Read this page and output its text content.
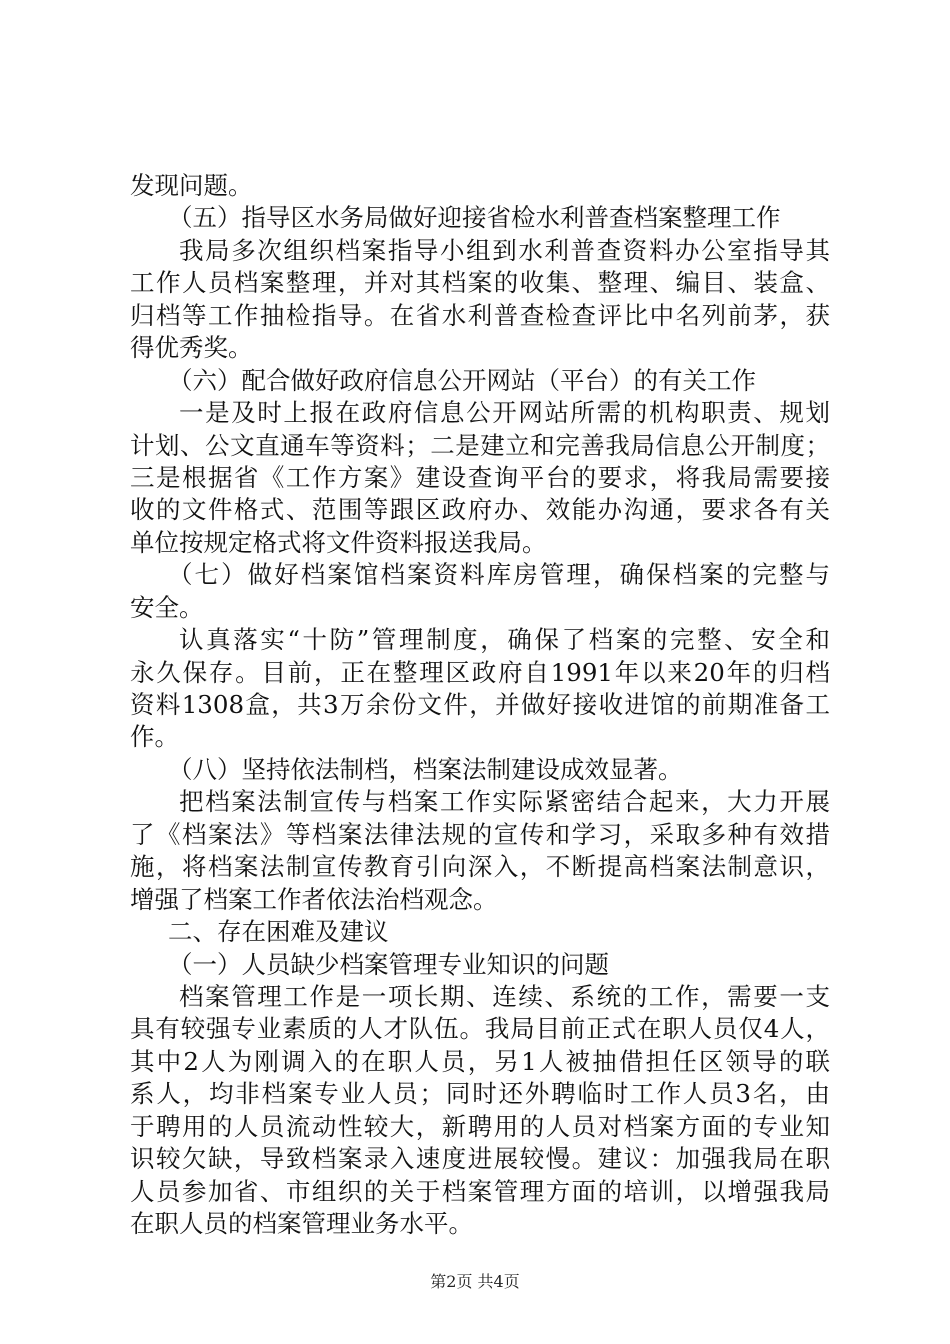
发现问题。
（五）指导区水务局做好迎接省检水利普查档案整理工作
我局多次组织档案指导小组到水利普查资料办公室指导其
工作人员档案整理，并对其档案的收集、整理、编目、装盒、
归档等工作抽检指导。在省水利普查检查评比中名列前茅，获
得优秀奖。
（六）配合做好政府信息公开网站（平台）的有关工作
一是及时上报在政府信息公开网站所需的机构职责、规划
计划、公文直通车等资料；二是建立和完善我局信息公开制度；
三是根据省《工作方案》建设查询平台的要求，将我局需要接
收的文件格式、范围等跟区政府办、效能办沟通，要求各有关
单位按规定格式将文件资料报送我局。
（七）做好档案馆档案资料库房管理，确保档案的完整与
安全。
认真落实“十防”管理制度，确保了档案的完整、安全和
永久保存。目前，正在整理区政府自1991年以来20年的归档
资料1308盒，共3万余份文件，并做好接收进馆的前期准备工
作。
（八）坚持依法制档，档案法制建设成效显著。
把档案法制宣传与档案工作实际紧密结合起来，大力开展
了《档案法》等档案法律法规的宣传和学习，采取多种有效措
施，将档案法制宣传教育引向深入，不断提高档案法制意识，
增强了档案工作者依法治档观念。
二、存在困难及建议
（一）人员缺少档案管理专业知识的问题
档案管理工作是一项长期、连续、系统的工作，需要一支
具有较强专业素质的人才队伍。我局目前正式在职人员仅4人，
其中2人为刚调入的在职人员，另1人被抽借担任区领导的联
系人，均非档案专业人员；同时还外聘临时工作人员3名，由
于聘用的人员流动性较大，新聘用的人员对档案方面的专业知
识较欠缺，导致档案录入速度进展较慢。建议：加强我局在职
人员参加省、市组织的关于档案管理方面的培训，以增强我局
在职人员的档案管理业务水平。
第2页 共4页
